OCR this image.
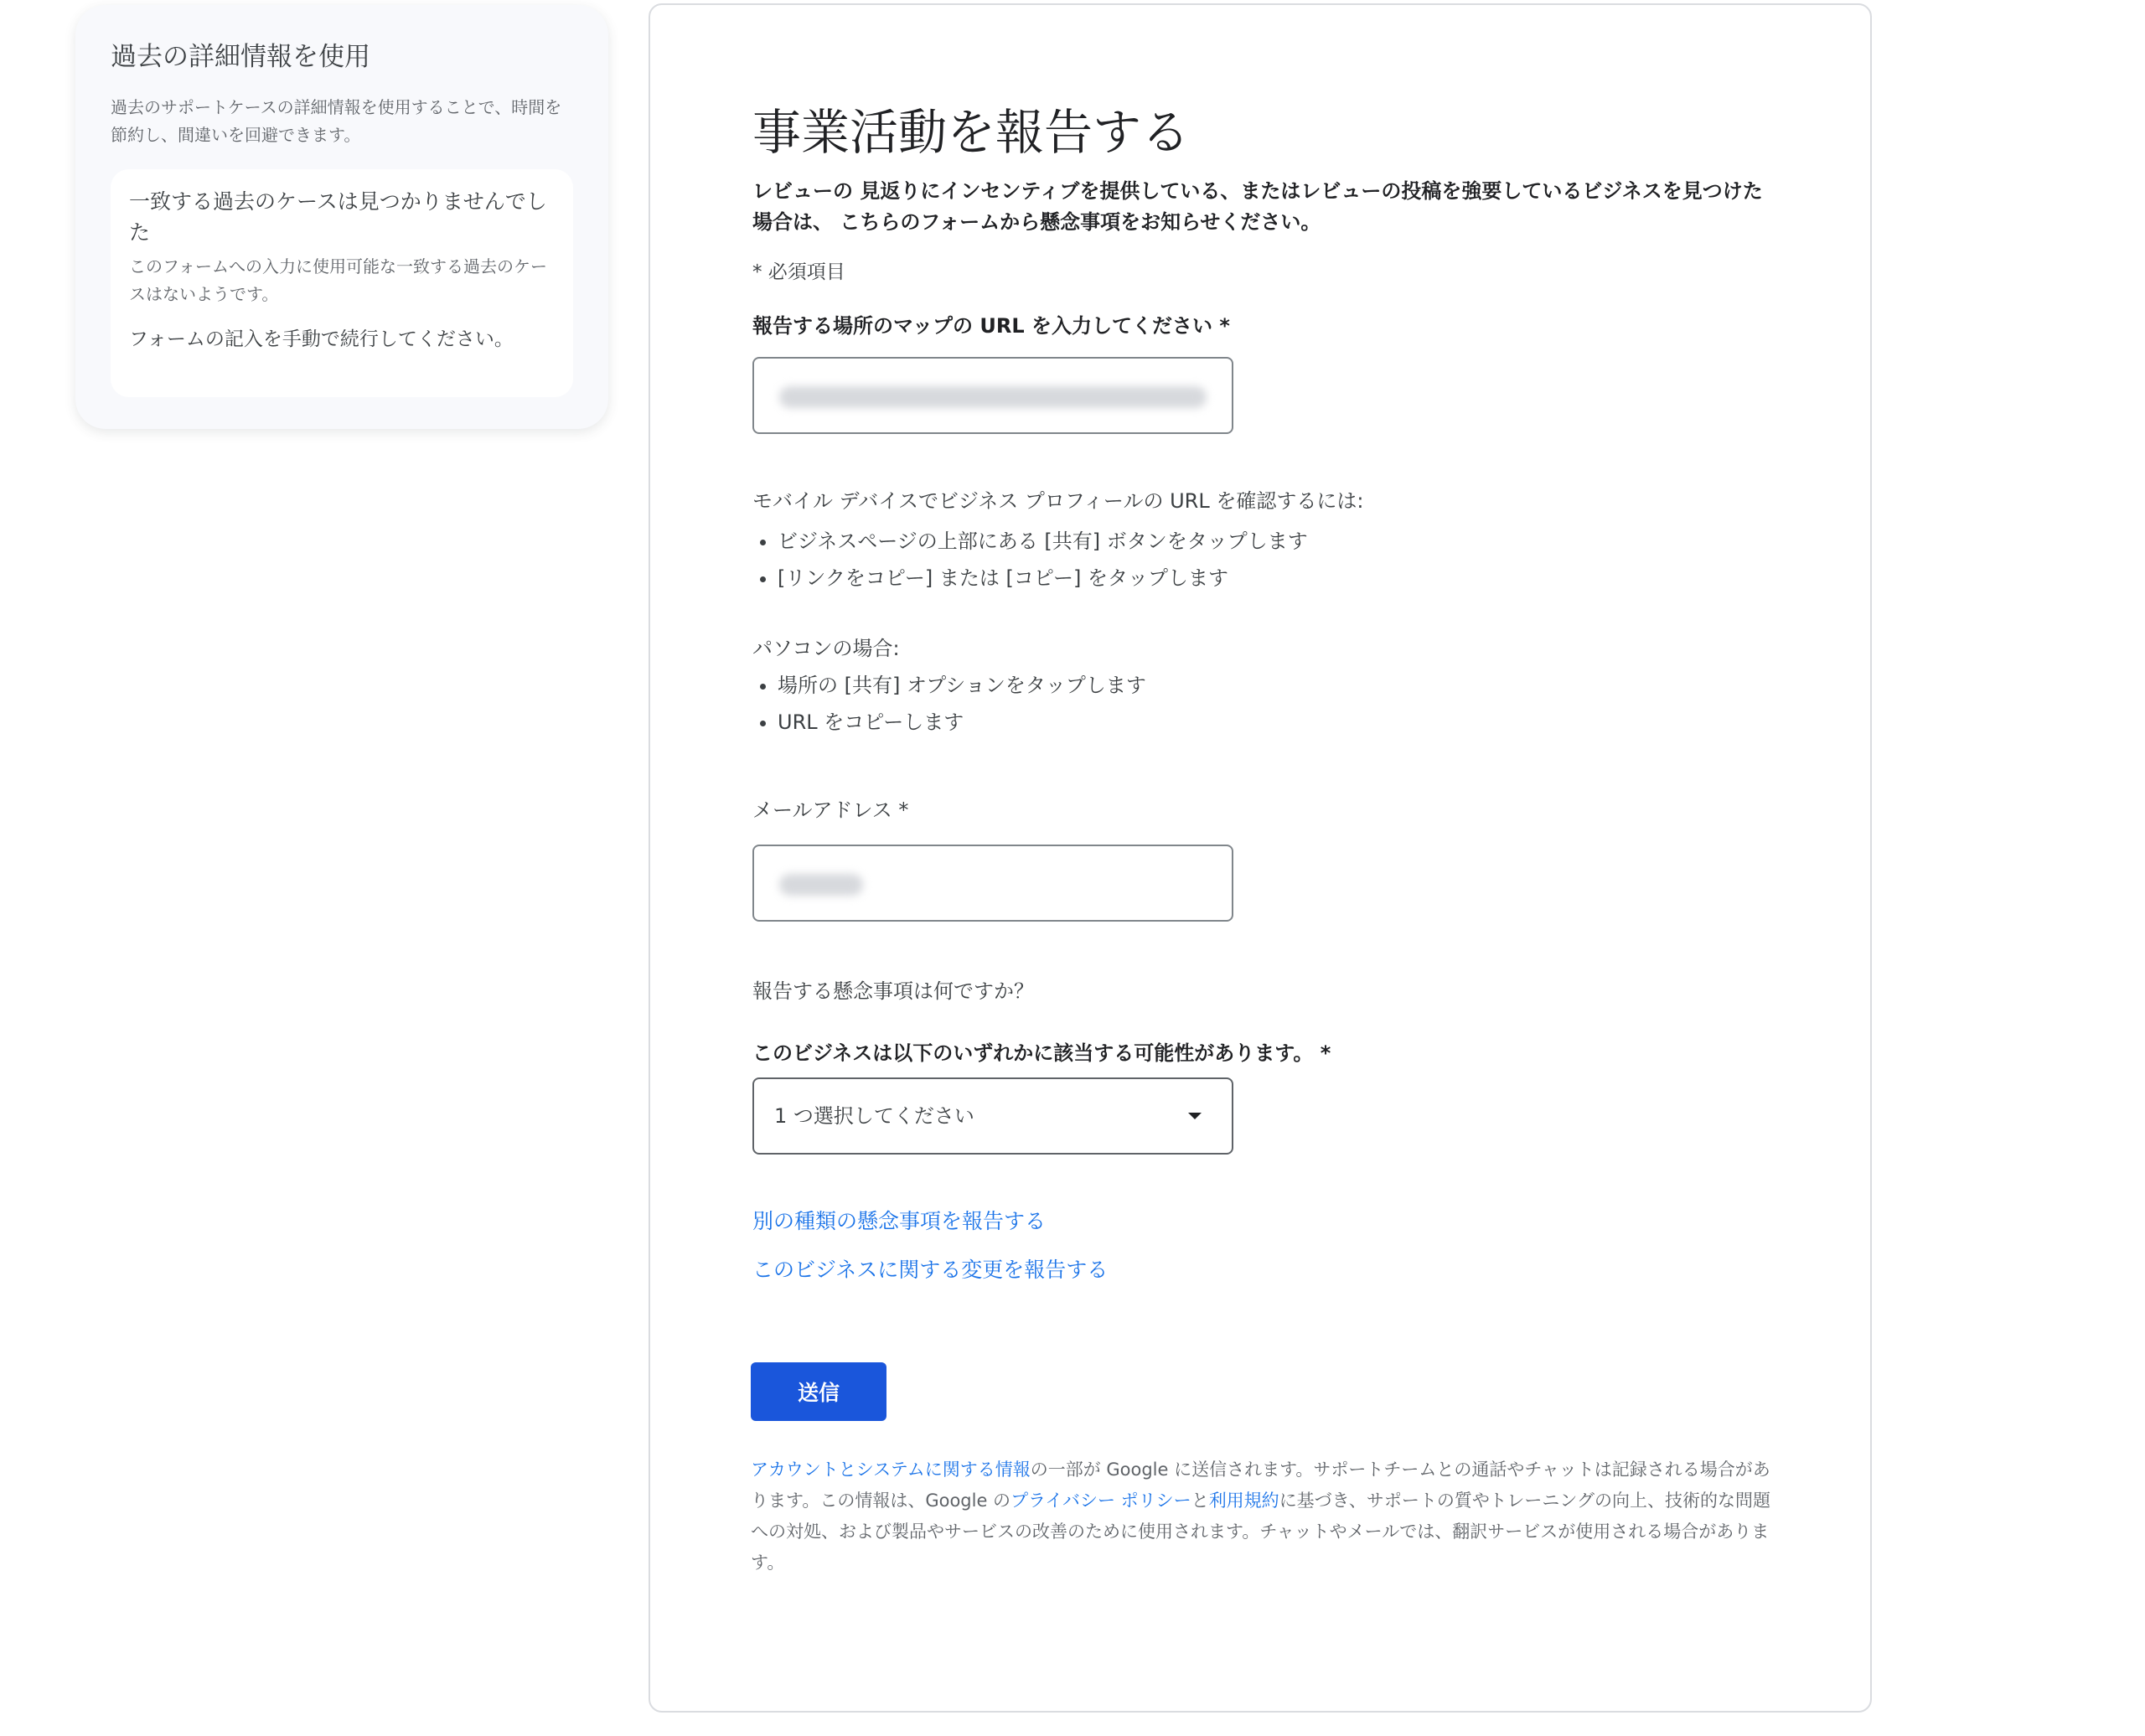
過去の詳細情報を使用
過去のサポートケースの詳細情報を使用することで、時間を節約し、間違いを回避できます。
一致する過去のケースは見つかりませんでした
このフォームへの入力に使用可能な一致する過去のケースはないようです。
フォームの記入を手動で続行してください。
事業活動を報告する
レビューの 見返りにインセンティブを提供している、またはレビューの投稿を強要しているビジネスを見つけた場合は、 こちらのフォームから懸念事項をお知らせください。
* 必須項目
報告する場所のマップの URL を入力してください *
モバイル デバイスでビジネス プロフィールの URL を確認するには:
• ビジネスページの上部にある [共有] ボタンをタップします
• [リンクをコピー] または [コピー] をタップします
パソコンの場合:
• 場所の [共有] オプションをタップします
• URL をコピーします
メールアドレス *
報告する懸念事項は何ですか？
このビジネスは以下のいずれかに該当する可能性があります。 *
1 つ選択してください
別の種類の懸念事項を報告する
このビジネスに関する変更を報告する
送信
アカウントとシステムに関する情報の一部が Google に送信されます。サポートチームとの通話やチャットは記録される場合があります。この情報は、Google のプライバシー ポリシーと利用規約に基づき、サポートの質やトレーニングの向上、技術的な問題への対処、および製品やサービスの改善のために使用されます。チャットやメールでは、翻訳サービスが使用される場合があります。
